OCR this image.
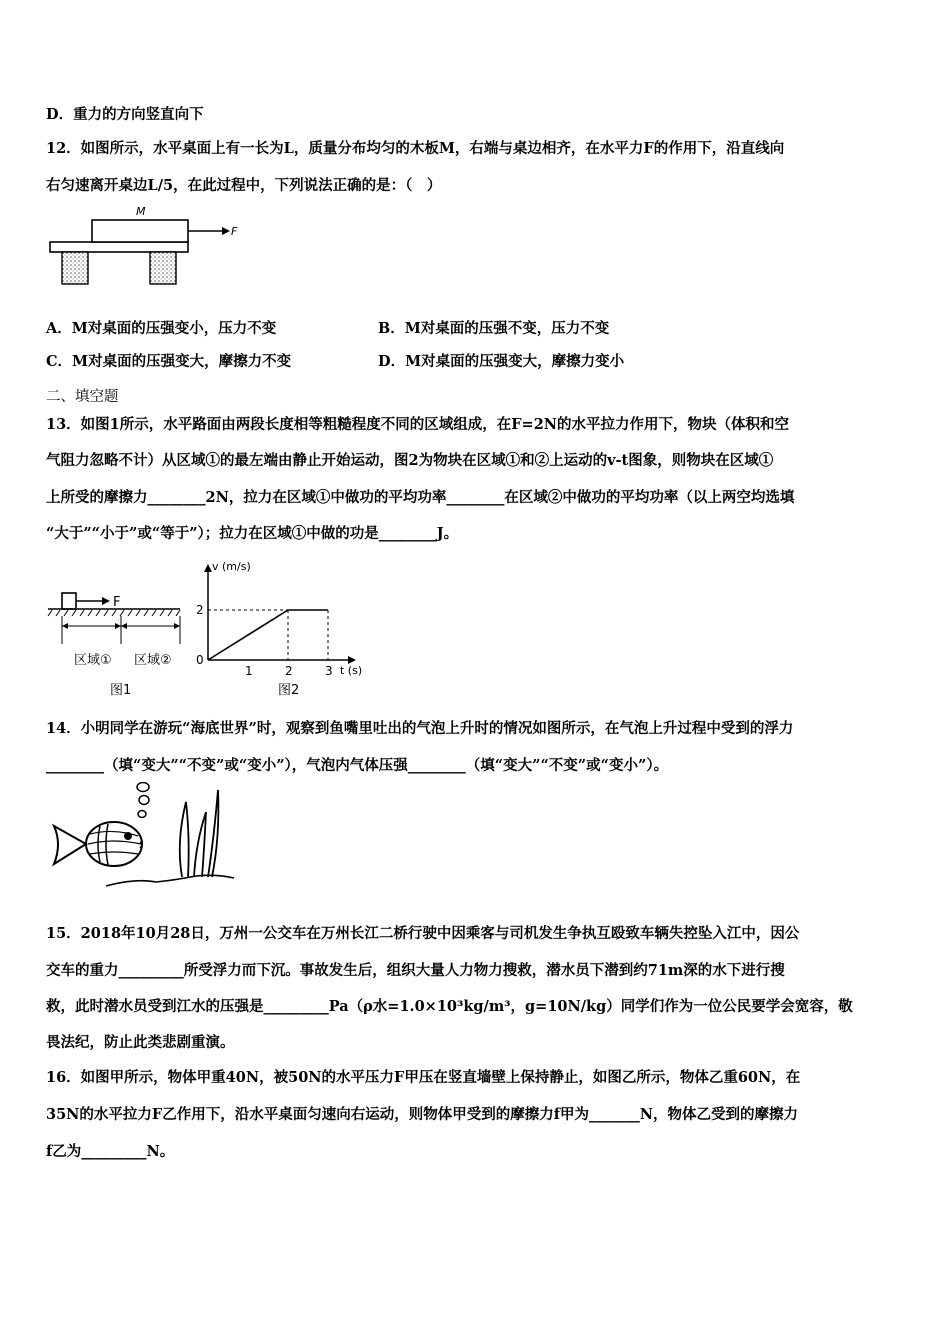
D．重力的方向竖直向下
12．如图所示，水平桌面上有一长为L，质量分布均匀的木板M，右端与桌边相齐，在水平力F的作用下，沿直线向
右匀速离开桌边L/5，在此过程中，下列说法正确的是：（　）
M
F
A．M对桌面的压强变小，压力不变	B．M对桌面的压强不变，压力不变
C．M对桌面的压强变大，摩擦力不变	D．M对桌面的压强变大，摩擦力变小
二、填空题
13．如图1所示，水平路面由两段长度相等粗糙程度不同的区域组成，在F=2N的水平拉力作用下，物块（体积和空
气阻力忽略不计）从区域①的最左端由静止开始运动，图2为物块在区域①和②上运动的v-t图象，则物块在区域①
上所受的摩擦力________2N，拉力在区域①中做功的平均功率________在区域②中做功的平均功率（以上两空均选填
“大于”“小于”或“等于”）；拉力在区域①中做的功是________J。
F
区域① 区域②
图1
v (m/s)
2
0
1	2	3 t (s)
图2
14．小明同学在游玩“海底世界”时，观察到鱼嘴里吐出的气泡上升时的情况如图所示，在气泡上升过程中受到的浮力
________（填“变大”“不变”或“变小”），气泡内气体压强________（填“变大”“不变”或“变小”）。
15．2018年10月28日，万州一公交车在万州长江二桥行驶中因乘客与司机发生争执互殴致车辆失控坠入江中，因公
交车的重力_________所受浮力而下沉。事故发生后，组织大量人力物力搜救，潜水员下潜到约71m深的水下进行搜
救，此时潜水员受到江水的压强是_________Pa（ρ水=1.0×10³kg/m³，g=10N/kg）同学们作为一位公民要学会宽容，敬
畏法纪，防止此类悲剧重演。
16．如图甲所示，物体甲重40N，被50N的水平压力F甲压在竖直墙壁上保持静止，如图乙所示，物体乙重60N，在
35N的水平拉力F乙作用下，沿水平桌面匀速向右运动，则物体甲受到的摩擦力f甲为_______N，物体乙受到的摩擦力
f乙为_________N。
